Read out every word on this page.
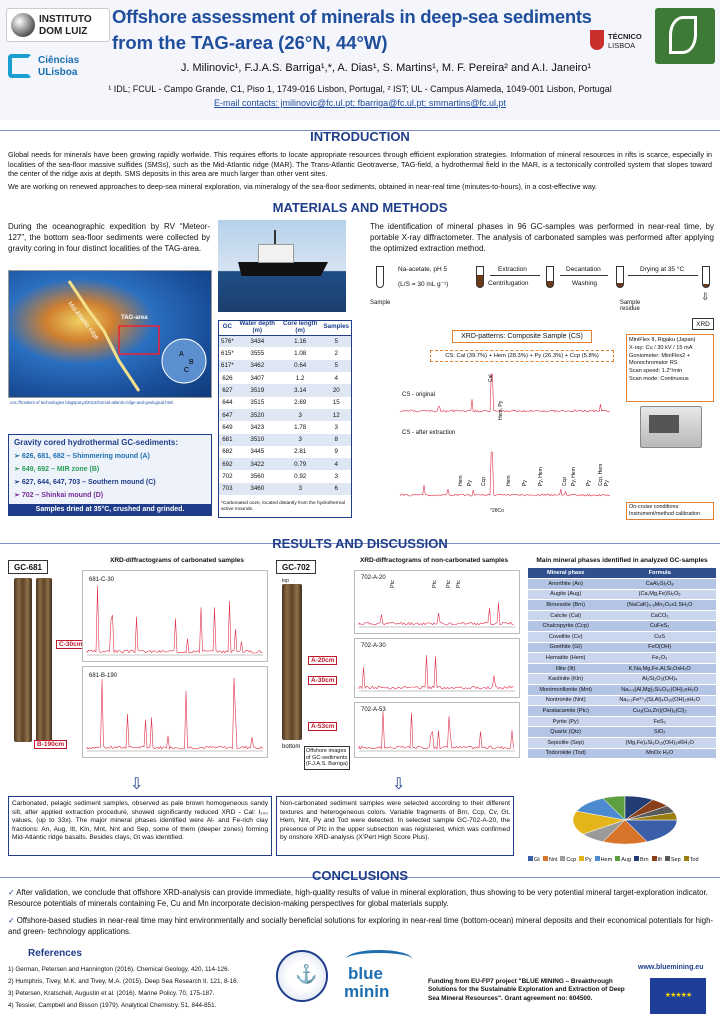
INSTITUTO
DOM LUIZ
Ciências
ULisboa
Offshore assessment of minerals in deep-sea sediments
from the TAG-area (26°N, 44°W)	TÉCNICO
LISBOA
J. Milinovic¹, F.J.A.S. Barriga¹,*, A. Dias¹, S. Martins¹, M. F. Pereira² and A.I. Janeiro¹
¹ IDL; FCUL - Campo Grande, C1, Piso 1, 1749-016 Lisbon, Portugal, ² IST; UL - Campus Alameda, 1049-001 Lisbon, Portugal
E-mail contacts: jmilinovic@fc.ul.pt; fbarriga@fc.ul.pt; smmartins@fc.ul.pt
INTRODUCTION
Global needs for minerals have been growing rapidly worlwide. This requires efforts to locate appropriate resources through efficient exploration strategies. Information of mineral resources in rifts is scarce, especially in localities of the sea-floor massive sulfides (SMSs), such as the Mid-Atlantic ridge (MAR). The Trans-Atlantic Geotraverse, TAG-field, a hydrothermal field in the MAR, is a tectonically controlled system that slopes toward the center of the ridge axis at depth. SMS deposits in this area are much larger than other vent sites.
We are working on renewed approaches to deep-sea mineral exploration, via mineralogy of the sea-floor sediments, obtained in near-real time (minutes-to-hours), in a cost-effective way.
MATERIALS AND METHODS
During the oceanographic expedition by RV “Meteor-127”, the bottom sea-floor sediments were collected by gravity coring in four distinct localities of the TAG-area.
TAG-area
Mid-Atlantic ridge
A
B
C
ccs://frontiers of technologies blogspot.pt/2014/01/mid-atlantic-ridge-and-geological.html
Gravity cored hydrothermal GC-sediments:
➢ 626, 681, 682 – Shimmering mound (A)
➢ 649, 692 – MIR zone (B)
➢ 627, 644, 647, 703 – Southern mound (C)
➢ 702 – Shinkai mound (D)
Samples dried at 35°C, crushed and grinded.
GC	Water depth (m)	Core length (m)	Samples
576*	3434	1.16	5
615*	3555	1.08	2
617*	3462	0.64	5
626	3407	1.2	4
627	3519	3.14	20
644	3515	2.69	15
647	3520	3	12
649	3423	1.78	3
681	3510	3	8
682	3445	2.81	9
692	3422	0.79	4
702	3560	0.92	3
703	3460	3	6
*Carbonated ooze, located distantly from the hydrothermal active mounds.
The identification of mineral phases in 96 GC-samples was performed in near-real time, by portable X-ray diffractometer. The analysis of carbonated samples was performed after applying the optimized extraction method.
Sample
Na-acetate, pH 5
(L/S = 30 mL g⁻¹)
Extraction
Centrifugation
Decantation
Washing
Drying at 35 °C
Sample residue
⇩
XRD
XRD-patterns: Composite Sample (CS)
CS: Cal (39.7%) + Hem (28.3%) + Py (26.3%) + Ccp (5.8%)
Cal
Hem, Py
Ccp
Hem Py	Hem Py Py, Hem	Ccp Py, Hem Py Ccp, Hem Py
CS - original
CS - after extraction
°2θCo
MiniFlex II, Rigaku (Japan)
X-ray: Cu / 30 kV / 15 mA
Goniometer: MiniFlex2 + Monochromator RS
Scan speed: 1.2°/min
Scan mode: Continuous
On-cruise conditions: Instrument/method calibration
RESULTS AND DISCUSSION
GC-681
C-30cm
B-190cm
XRD-diffractograms of carbonated samples
681-C-30
681-B-190
GC-702
top
A-20cm
A-30cm
A-53cm
Offshore images of GC-sediments (F.J.A.S. Barriga)
bottom
XRD-diffractograms of non-carbonated samples
702-A-20
Ptc	Ptc Ptc Ptc
702-A-30
702-A-53
Main mineral phases identified in analyzed GC-samples
Mineral phase	Formula
Anorthite (An)	CaAl₂Si₂O₈
Augite (Aug)	(Ca,Mg,Fe)Si₂O₆
Birnessite (Brn)	(NaCaK)₀.₆Mn₂O₄x1.5H₂O
Calcite (Cal)	CaCO₃
Chalcopyrite (Ccp)	CuFeS₂
Covellite (Cv)	CuS
Goethite (Gt)	FeO(OH)
Hematite (Hem)	Fe₂O₃
Illite (Ilt)	K,Na,Mg,Fe,Al,Si,OxH₂O
Kaolinite (Kln)	Al₂Si₂O₅(OH)₄
Montmorillonite (Mnt)	Na₀.₃(Al,Mg)₂Si₄O₁₀(OH)₂xH₂O
Nontronite (Nnt)	Na₀.₃Fe³⁺₂(Si,Al)₄O₁₀(OH)₂xH₂O
Paratacamite (Ptc)	Cu₃(Cu,Zn)(OH)₆(Cl)₂
Pyrite (Py)	FeS₂
Quartz (Qtz)	SiO₂
Sepiolite (Sep)	(Mg,Fe)₄Si₆O₁₅(OH)₂x6H₂O
Todorokite (Tod)	MnOx H₂O
⇩	⇩
Carbonated, pelagic sediment samples, observed as pale brown homogeneous sandy silt, after applied extraction procedure, showed significantly reduced XRD - Cal: I₁₀₀ values, (up to 33x). The major mineral phases identified were Al- and Fe-rich clay fractions: An, Aug, Ilt, Kln, Mnt, Nnt and Sep, some of them (deeper zones) forming Mid-Atlantic ridge basalts. Besides clays, Gt was identified.
Non-carbonated sediment samples were selected according to their different textures and heterogeneous colors. Variable fragments of Brn, Ccp, Cv, Gt, Hem, Nnt, Py and Tod were detected. In selected sample GC-702-A-20, the presence of Ptc in the upper subsection was registered, which was confirmed by onshore XRD-analysis (X'Pert High Score Plus).
Gt Nnt Ccp Py Hem Aug Brn Ilt Sep Tod
CONCLUSIONS
✓ After validation, we conclude that offshore XRD-analysis can provide immediate, high-quality results of value in mineral exploration, thus showing to be very potential mineral target-exploration indicator. Resource potentials of minerals containing Fe, Cu and Mn incorporate decision-making perspectives for global materials supply.
✓ Offshore-based studies in near-real time may hint environmentally and socially beneficial solutions for exploring in near-real time (bottom-ocean) mineral deposits and their economical potentials for high- and green- technology applications.
References
1) German, Petersen and Hannington (2016). Chemical Geology. 420, 114-126.
2) Humphris, Tivey, M.K. and Tivey, M.A. (2015). Deep Sea Research II. 121, 8-16.
3) Petersen, Kratschell, Augustin et al. (2016). Marine Policy. 70, 175-187.
4) Tessier, Campbell and Bisson (1979). Analytical Chemistry. 51, 844-851.
⚓ blue
minin
Funding from EU-FP7 project "BLUE MINING – Breakthrough Solutions for the Sustainable Exploration and Extraction of Deep Sea Mineral Resources". Grant agreement no: 604500.
www.bluemining.eu
★★★★★
